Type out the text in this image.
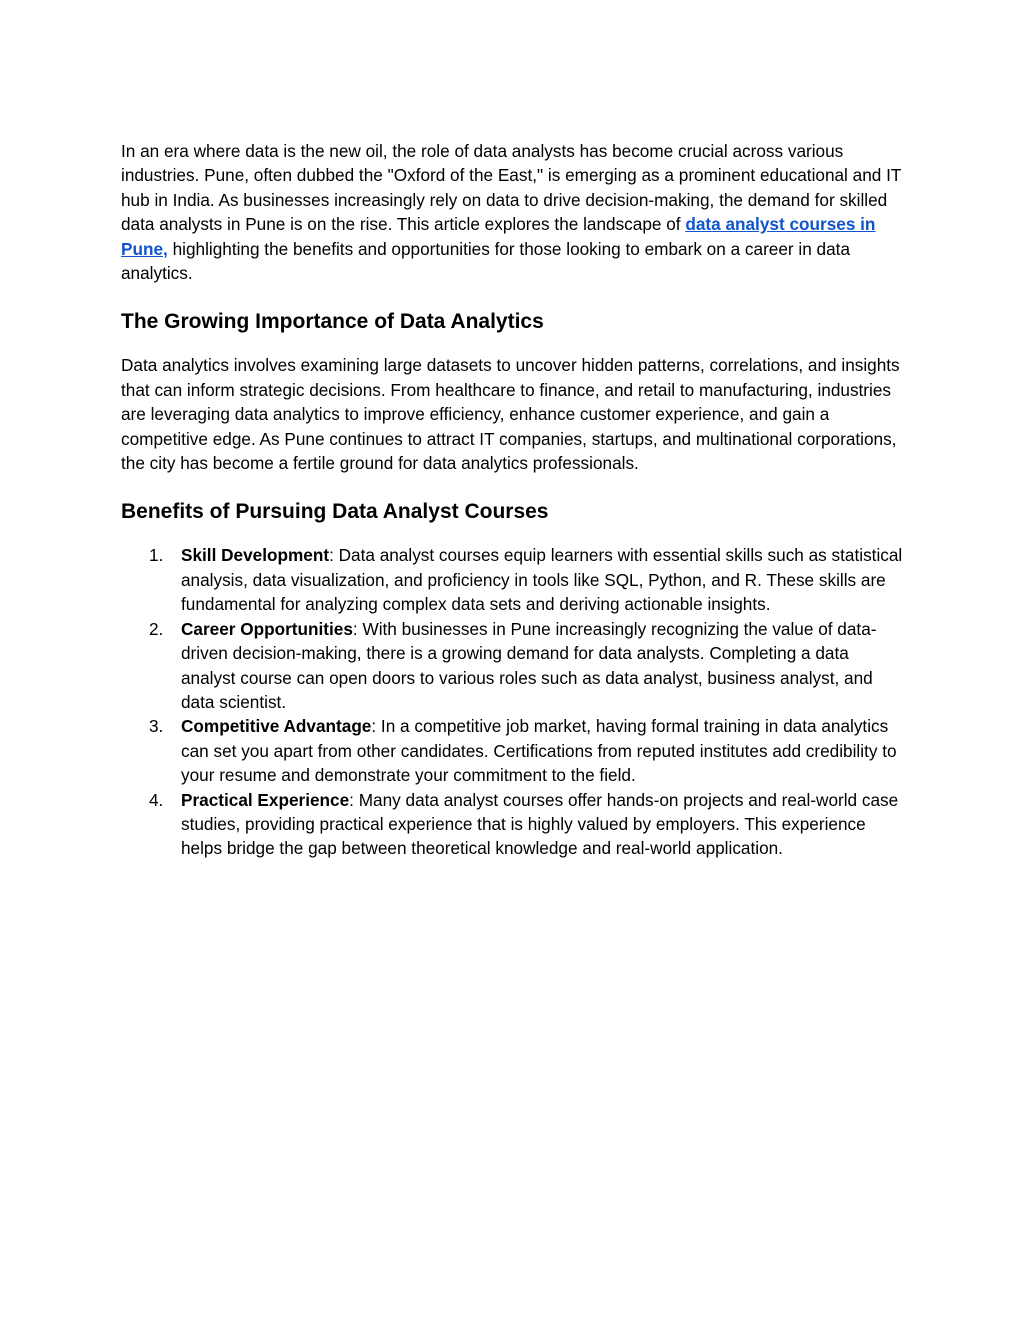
In an era where data is the new oil, the role of data analysts has become crucial across various industries. Pune, often dubbed the "Oxford of the East," is emerging as a prominent educational and IT hub in India. As businesses increasingly rely on data to drive decision-making, the demand for skilled data analysts in Pune is on the rise. This article explores the landscape of data analyst courses in Pune, highlighting the benefits and opportunities for those looking to embark on a career in data analytics.

The Growing Importance of Data Analytics

Data analytics involves examining large datasets to uncover hidden patterns, correlations, and insights that can inform strategic decisions. From healthcare to finance, and retail to manufacturing, industries are leveraging data analytics to improve efficiency, enhance customer experience, and gain a competitive edge. As Pune continues to attract IT companies, startups, and multinational corporations, the city has become a fertile ground for data analytics professionals.

Benefits of Pursuing Data Analyst Courses
1.	Skill Development: Data analyst courses equip learners with essential skills such as statistical analysis, data visualization, and proficiency in tools like SQL, Python, and R. These skills are fundamental for analyzing complex data sets and deriving actionable insights.
2.	Career Opportunities: With businesses in Pune increasingly recognizing the value of data-driven decision-making, there is a growing demand for data analysts. Completing a data analyst course can open doors to various roles such as data analyst, business analyst, and data scientist.
3.	Competitive Advantage: In a competitive job market, having formal training in data analytics can set you apart from other candidates. Certifications from reputed institutes add credibility to your resume and demonstrate your commitment to the field.
4.	Practical Experience: Many data analyst courses offer hands-on projects and real-world case studies, providing practical experience that is highly valued by employers. This experience helps bridge the gap between theoretical knowledge and real-world application.
